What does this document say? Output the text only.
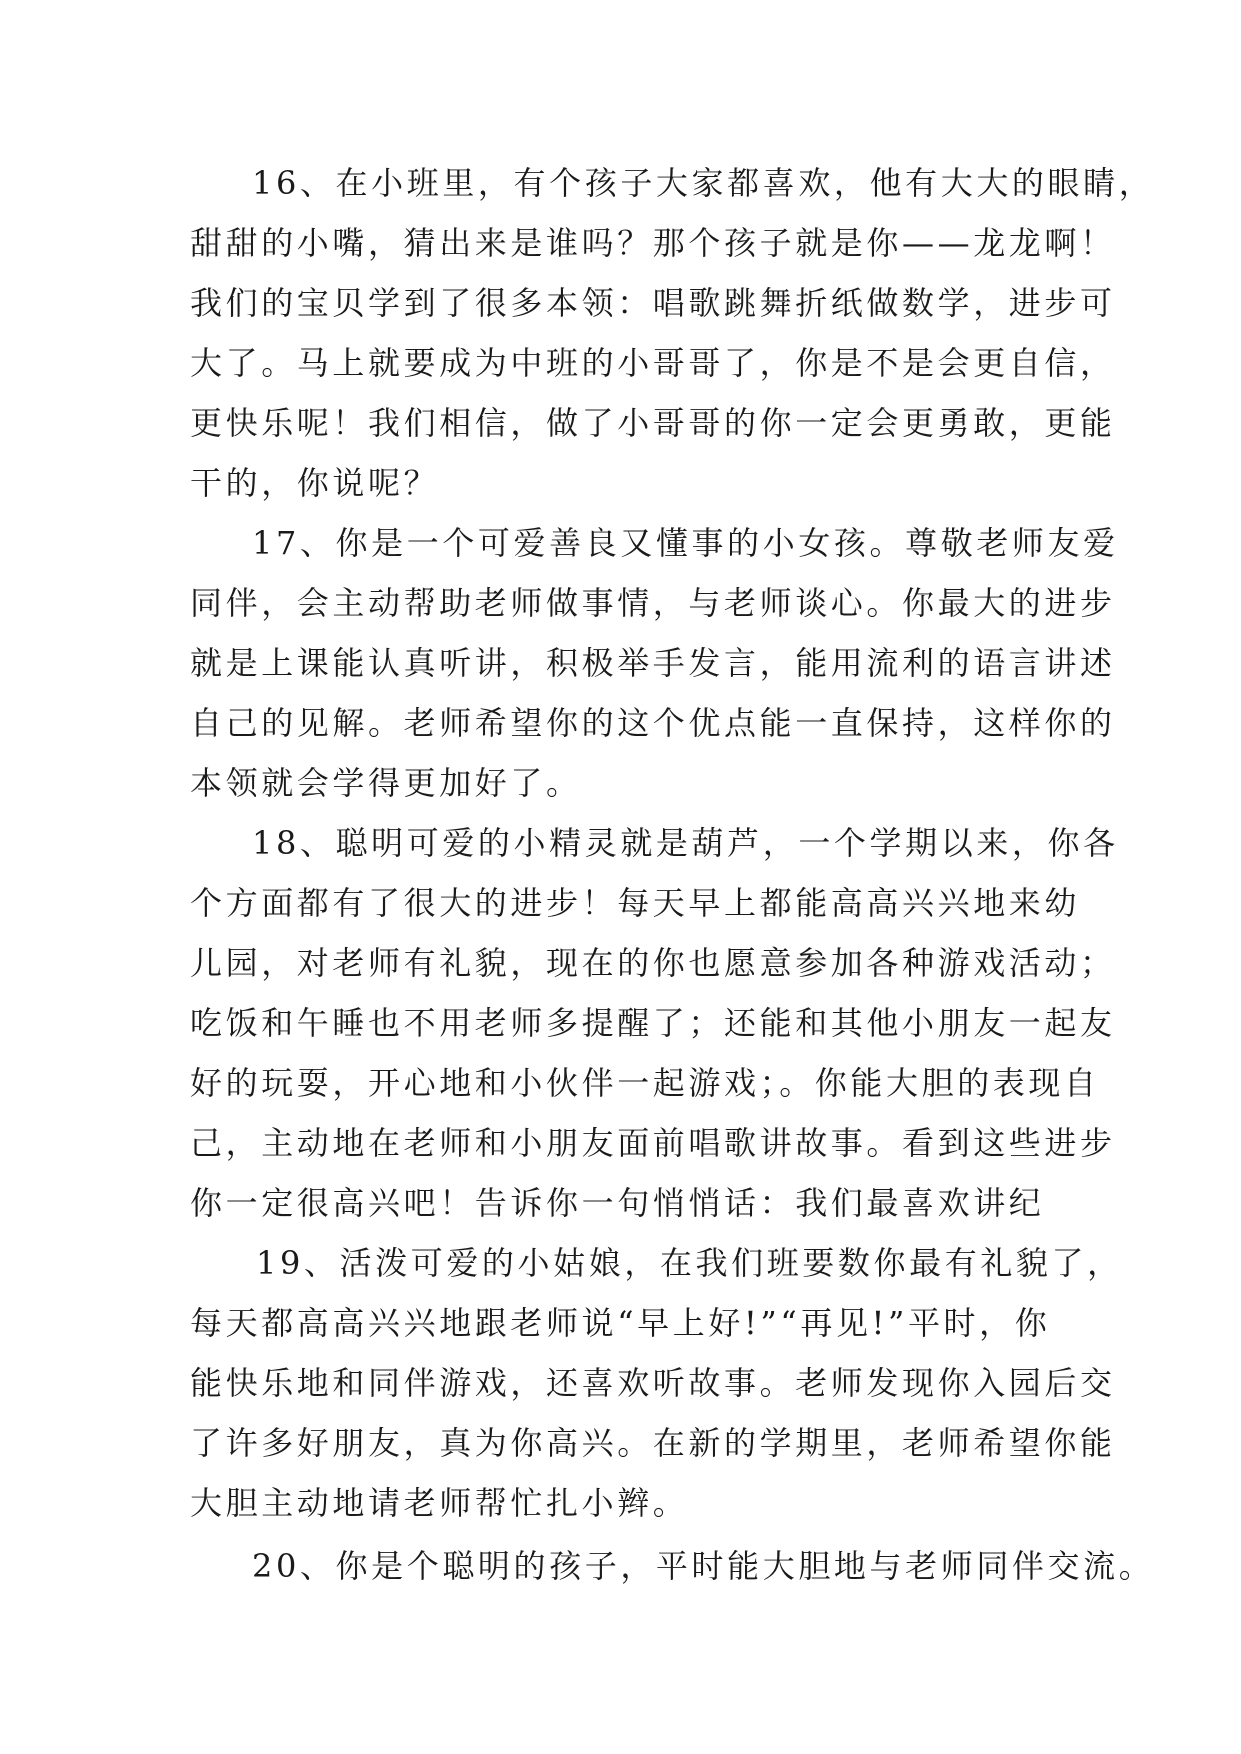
16、在小班里，有个孩子大家都喜欢，他有大大的眼睛，
甜甜的小嘴，猜出来是谁吗？那个孩子就是你——龙龙啊！
我们的宝贝学到了很多本领：唱歌跳舞折纸做数学，进步可
大了。马上就要成为中班的小哥哥了，你是不是会更自信，
更快乐呢！我们相信，做了小哥哥的你一定会更勇敢，更能
干的，你说呢？
17、你是一个可爱善良又懂事的小女孩。尊敬老师友爱
同伴，会主动帮助老师做事情，与老师谈心。你最大的进步
就是上课能认真听讲，积极举手发言，能用流利的语言讲述
自己的见解。老师希望你的这个优点能一直保持，这样你的
本领就会学得更加好了。
18、聪明可爱的小精灵就是葫芦，一个学期以来，你各
个方面都有了很大的进步！每天早上都能高高兴兴地来幼
儿园，对老师有礼貌，现在的你也愿意参加各种游戏活动；
吃饭和午睡也不用老师多提醒了；还能和其他小朋友一起友
好的玩耍，开心地和小伙伴一起游戏；。你能大胆的表现自
己，主动地在老师和小朋友面前唱歌讲故事。看到这些进步
你一定很高兴吧！告诉你一句悄悄话：我们最喜欢讲纪
19、活泼可爱的小姑娘，在我们班要数你最有礼貌了，
每天都高高兴兴地跟老师说“早上好!”“再见!”平时，你
能快乐地和同伴游戏，还喜欢听故事。老师发现你入园后交
了许多好朋友，真为你高兴。在新的学期里，老师希望你能
大胆主动地请老师帮忙扎小辫。
20、你是个聪明的孩子，平时能大胆地与老师同伴交流。
